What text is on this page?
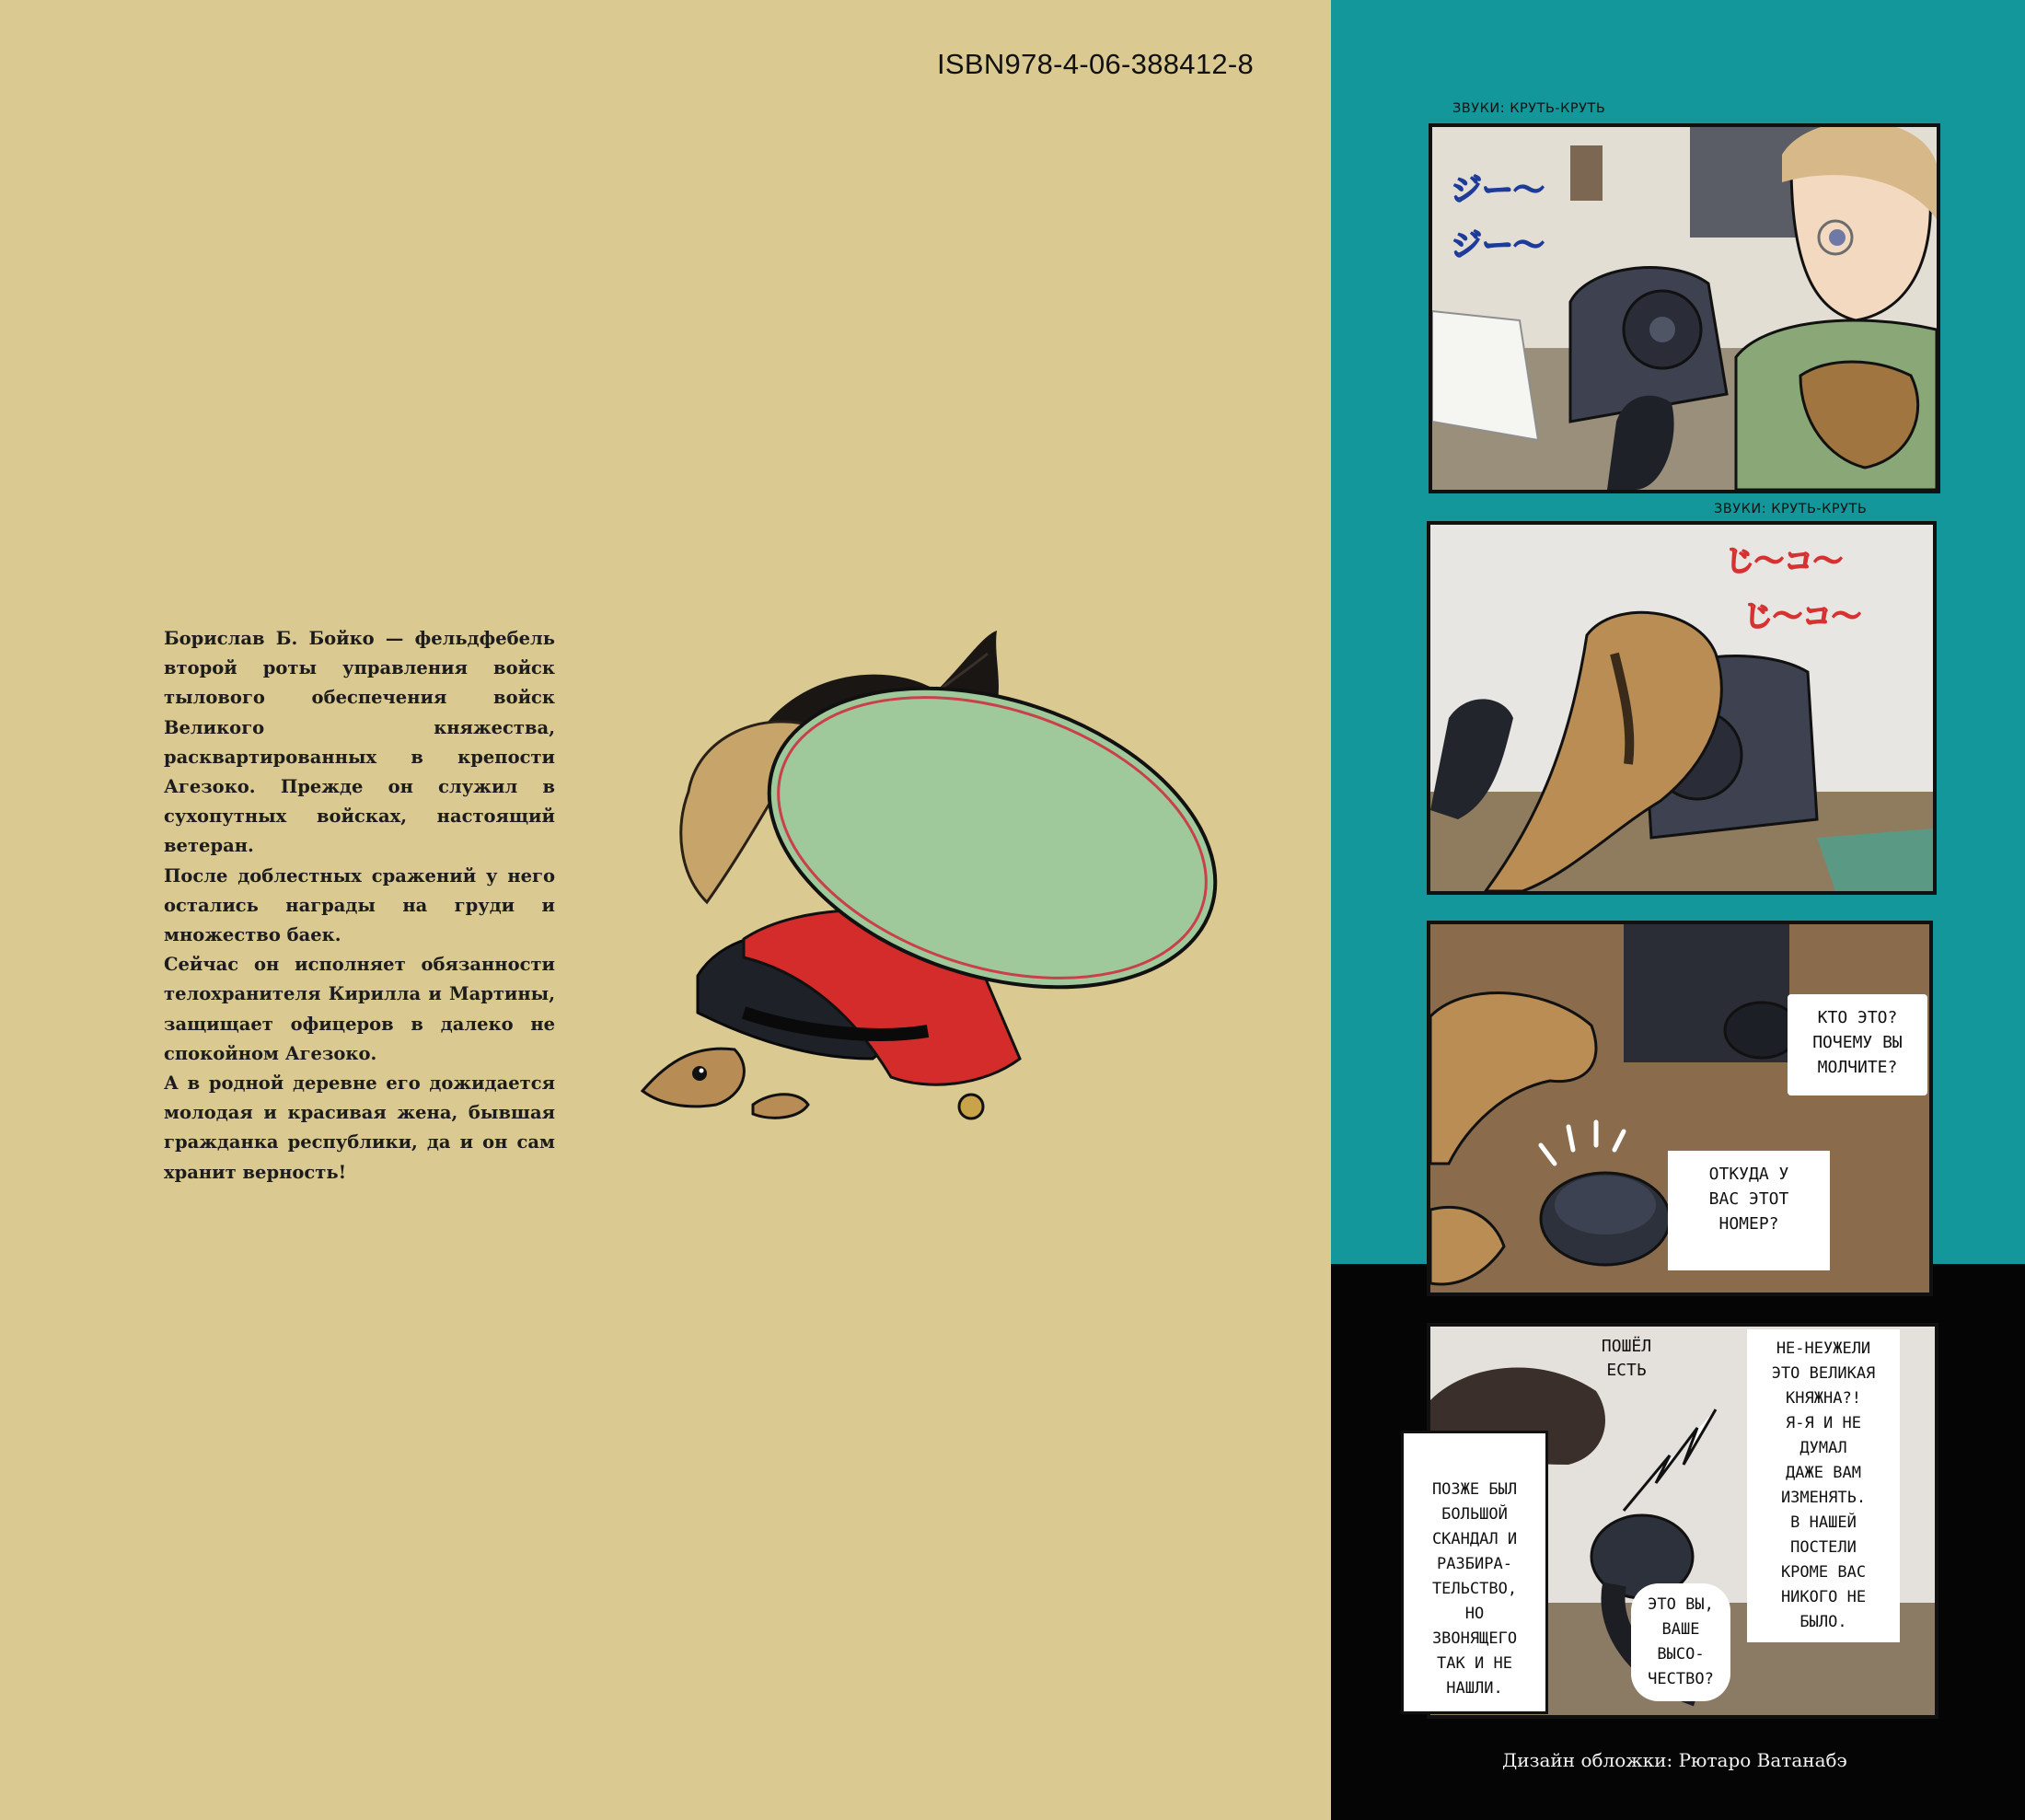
ISBN978-4-06-388412-8

Борислав Б. Бойко — фельдфебель второй роты управления войск тылового обеспечения войск Великого княжества, расквартированных в крепости Агезоко. Прежде он служил в сухопутных войсках, настоящий ветеран.

После доблестных сражений у него остались награды на груди и множество баек.

Сейчас он исполняет обязанности телохранителя Кирилла и Мартины, защищает офицеров в далеко не спокойном Агезоко.

А в родной деревне его дожидается молодая и красивая жена, бывшая гражданка республики, да и он сам хранит верность!

ЗВУКИ: КРУТЬ-КРУТЬ
ジー〜
ジー〜
ЗВУКИ: КРУТЬ-КРУТЬ
じ〜コ〜
じ〜コ〜
КТО ЭТО?
ПОЧЕМУ ВЫ
МОЛЧИТЕ?
ОТКУДА У
ВАС ЭТОТ
НОМЕР?
ПОШЁЛ
ЕСТЬ
ПОЗЖЕ БЫЛ
БОЛЬШОЙ
СКАНДАЛ И
РАЗБИРА-
ТЕЛЬСТВО,
НО
ЗВОНЯЩЕГО
ТАК И НЕ
НАШЛИ.
ЭТО ВЫ,
ВАШЕ
ВЫСО-
ЧЕСТВО?
НЕ-НЕУЖЕЛИ
ЭТО ВЕЛИКАЯ
КНЯЖНА?!
Я-Я И НЕ
ДУМАЛ
ДАЖЕ ВАМ
ИЗМЕНЯТЬ.
В НАШЕЙ
ПОСТЕЛИ
КРОМЕ ВАС
НИКОГО НЕ
БЫЛО.
Дизайн обложки: Рютаро Ватанабэ
